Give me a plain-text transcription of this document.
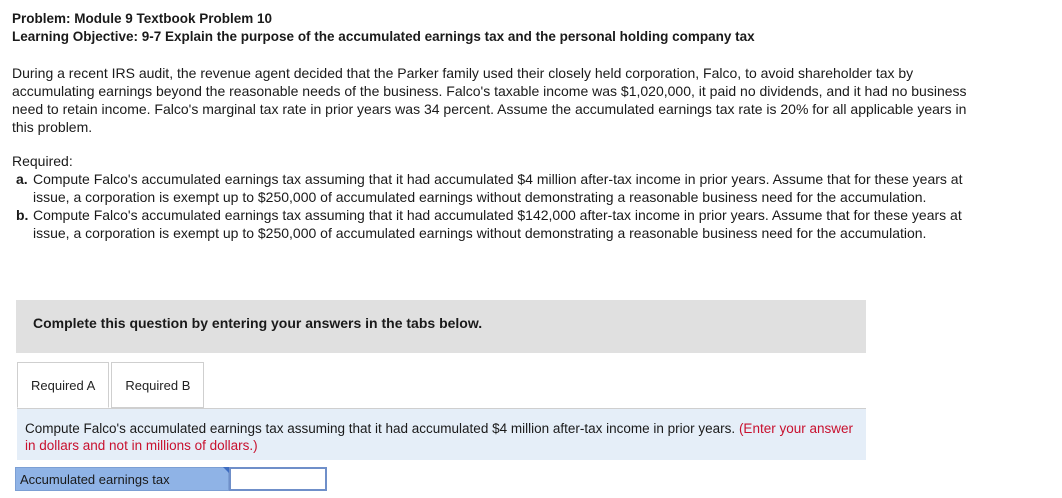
Problem: Module 9 Textbook Problem 10
Learning Objective: 9-7 Explain the purpose of the accumulated earnings tax and the personal holding company tax
During a recent IRS audit, the revenue agent decided that the Parker family used their closely held corporation, Falco, to avoid shareholder tax by accumulating earnings beyond the reasonable needs of the business. Falco's taxable income was $1,020,000, it paid no dividends, and it had no business need to retain income. Falco's marginal tax rate in prior years was 34 percent. Assume the accumulated earnings tax rate is 20% for all applicable years in this problem.
Required:
a. Compute Falco's accumulated earnings tax assuming that it had accumulated $4 million after-tax income in prior years. Assume that for these years at issue, a corporation is exempt up to $250,000 of accumulated earnings without demonstrating a reasonable business need for the accumulation.
b. Compute Falco's accumulated earnings tax assuming that it had accumulated $142,000 after-tax income in prior years. Assume that for these years at issue, a corporation is exempt up to $250,000 of accumulated earnings without demonstrating a reasonable business need for the accumulation.
Complete this question by entering your answers in the tabs below.
Required A	Required B
Compute Falco's accumulated earnings tax assuming that it had accumulated $4 million after-tax income in prior years. (Enter your answer in dollars and not in millions of dollars.)
Accumulated earnings tax
